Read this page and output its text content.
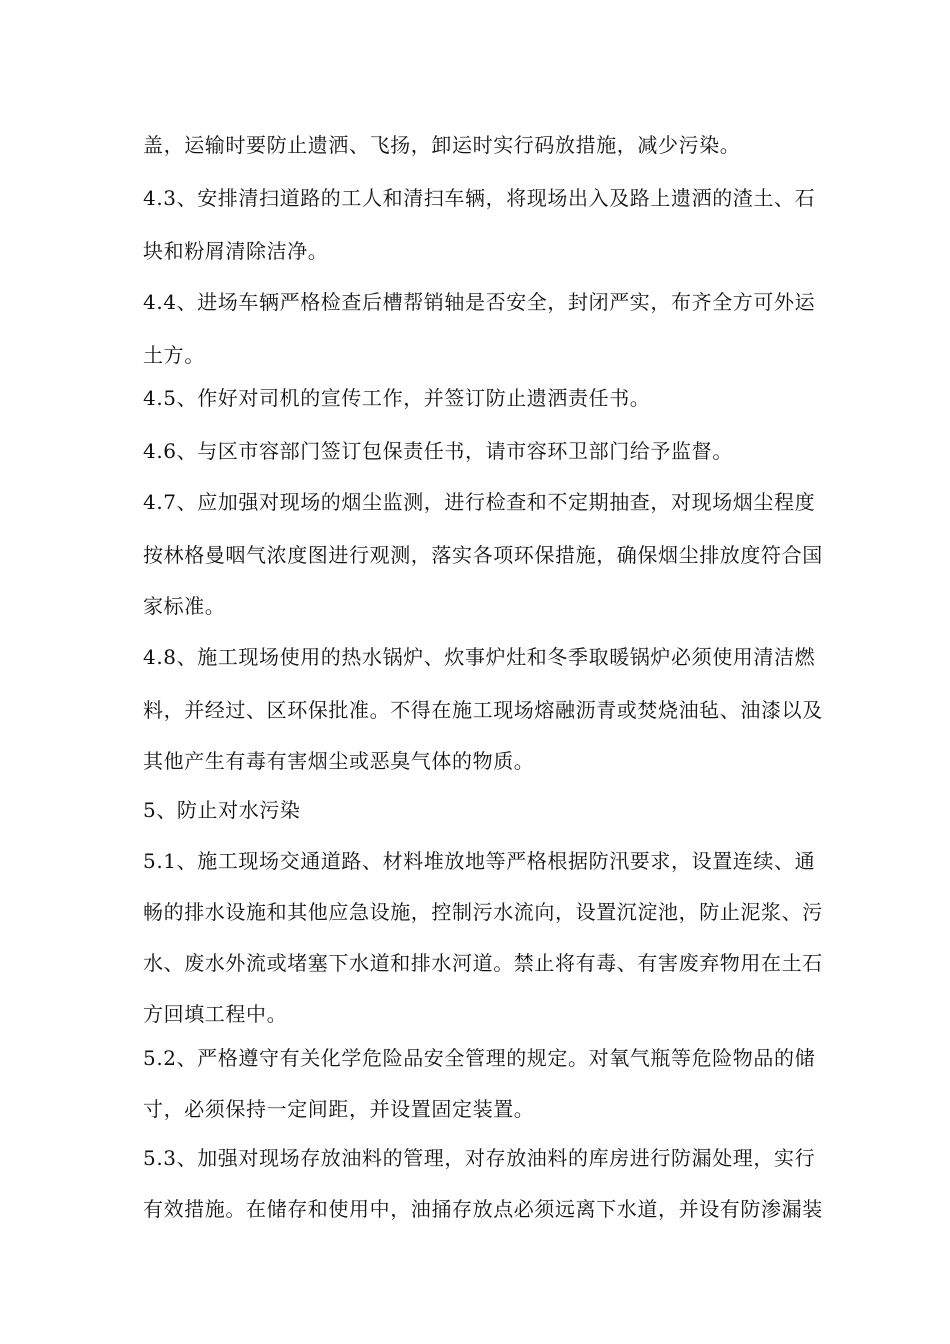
盖，运输时要防止遗洒、飞扬，卸运时实行码放措施，减少污染。
4.3、安排清扫道路的工人和清扫车辆，将现场出入及路上遗洒的渣土、石
块和粉屑清除洁净。
4.4、进场车辆严格检查后槽帮销轴是否安全，封闭严实，布齐全方可外运
土方。
4.5、作好对司机的宣传工作，并签订防止遗洒责任书。
4.6、与区市容部门签订包保责任书，请市容环卫部门给予监督。
4.7、应加强对现场的烟尘监测，进行检查和不定期抽查，对现场烟尘程度
按林格曼咽气浓度图进行观测，落实各项环保措施，确保烟尘排放度符合国
家标准。
4.8、施工现场使用的热水锅炉、炊事炉灶和冬季取暖锅炉必须使用清洁燃
料，并经过、区环保批准。不得在施工现场熔融沥青或焚烧油毡、油漆以及
其他产生有毒有害烟尘或恶臭气体的物质。
5、防止对水污染
5.1、施工现场交通道路、材料堆放地等严格根据防汛要求，设置连续、通
畅的排水设施和其他应急设施，控制污水流向，设置沉淀池，防止泥浆、污
水、废水外流或堵塞下水道和排水河道。禁止将有毒、有害废弃物用在土石
方回填工程中。
5.2、严格遵守有关化学危险品安全管理的规定。对氧气瓶等危险物品的储
寸，必须保持一定间距，并设置固定装置。
5.3、加强对现场存放油料的管理，对存放油料的库房进行防漏处理，实行
有效措施。在储存和使用中，油捅存放点必须远离下水道，并设有防渗漏装
